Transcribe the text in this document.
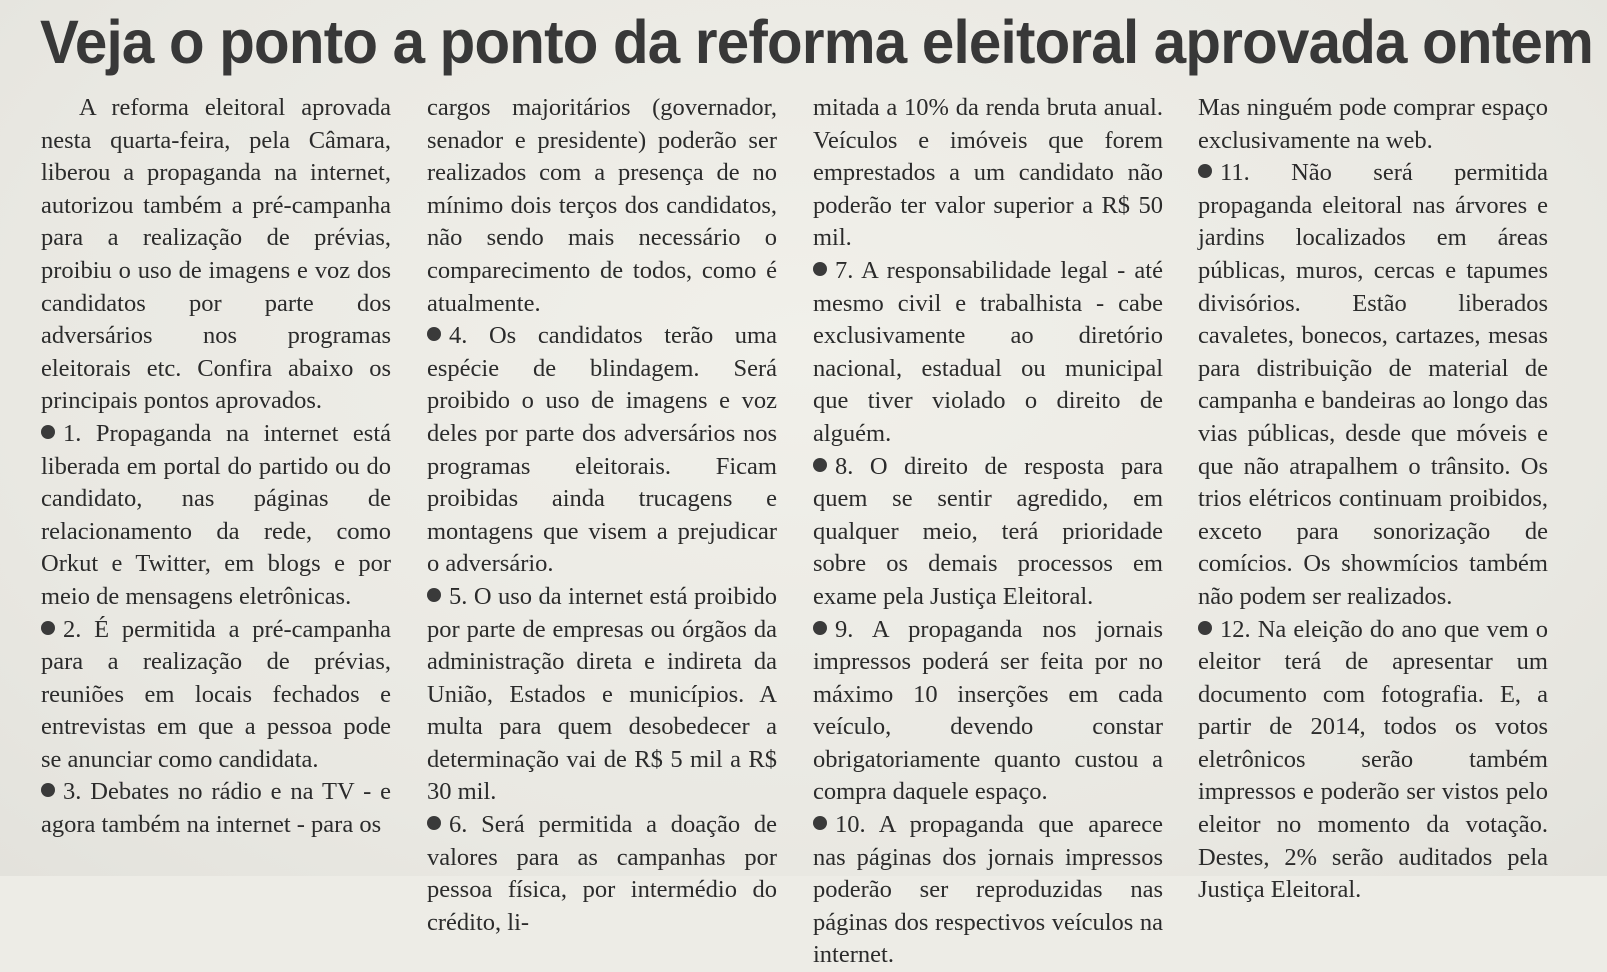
Veja o ponto a ponto da reforma eleitoral aprovada ontem

A reforma eleitoral aprovada nesta quarta-feira, pela Câmara, liberou a propaganda na internet, autorizou também a pré-campanha para a realização de prévias, proibiu o uso de imagens e voz dos candidatos por parte dos adversários nos programas eleitorais etc. Confira abaixo os principais pontos aprovados.

1. Propaganda na internet está liberada em portal do partido ou do candidato, nas páginas de relacionamento da rede, como Orkut e Twitter, em blogs e por meio de mensagens eletrônicas.

2. É permitida a pré-campanha para a realização de prévias, reuniões em locais fechados e entrevistas em que a pessoa pode se anunciar como candidata.

3. Debates no rádio e na TV - e agora também na internet - para os

cargos majoritários (governador, senador e presidente) poderão ser realizados com a presença de no mínimo dois terços dos candidatos, não sendo mais necessário o comparecimento de todos, como é atualmente.

4. Os candidatos terão uma espécie de blindagem. Será proibido o uso de imagens e voz deles por parte dos adversários nos programas eleitorais. Ficam proibidas ainda trucagens e montagens que visem a prejudicar o adversário.

5. O uso da internet está proibido por parte de empresas ou órgãos da administração direta e indireta da União, Estados e municípios. A multa para quem desobedecer a determinação vai de R$ 5 mil a R$ 30 mil.

6. Será permitida a doação de valores para as campanhas por pessoa física, por intermédio do crédito, li-

mitada a 10% da renda bruta anual. Veículos e imóveis que forem emprestados a um candidato não poderão ter valor superior a R$ 50 mil.

7. A responsabilidade legal - até mesmo civil e trabalhista - cabe exclusivamente ao diretório nacional, estadual ou municipal que tiver violado o direito de alguém.

8. O direito de resposta para quem se sentir agredido, em qualquer meio, terá prioridade sobre os demais processos em exame pela Justiça Eleitoral.

9. A propaganda nos jornais impressos poderá ser feita por no máximo 10 inserções em cada veículo, devendo constar obrigatoriamente quanto custou a compra daquele espaço.

10. A propaganda que aparece nas páginas dos jornais impressos poderão ser reproduzidas nas páginas dos respectivos veículos na internet.

Mas ninguém pode comprar espaço exclusivamente na web.

11. Não será permitida propaganda eleitoral nas árvores e jardins localizados em áreas públicas, muros, cercas e tapumes divisórios. Estão liberados cavaletes, bonecos, cartazes, mesas para distribuição de material de campanha e bandeiras ao longo das vias públicas, desde que móveis e que não atrapalhem o trânsito. Os trios elétricos continuam proibidos, exceto para sonorização de comícios. Os showmícios também não podem ser realizados.

12. Na eleição do ano que vem o eleitor terá de apresentar um documento com fotografia. E, a partir de 2014, todos os votos eletrônicos serão também impressos e poderão ser vistos pelo eleitor no momento da votação. Destes, 2% serão auditados pela Justiça Eleitoral.
